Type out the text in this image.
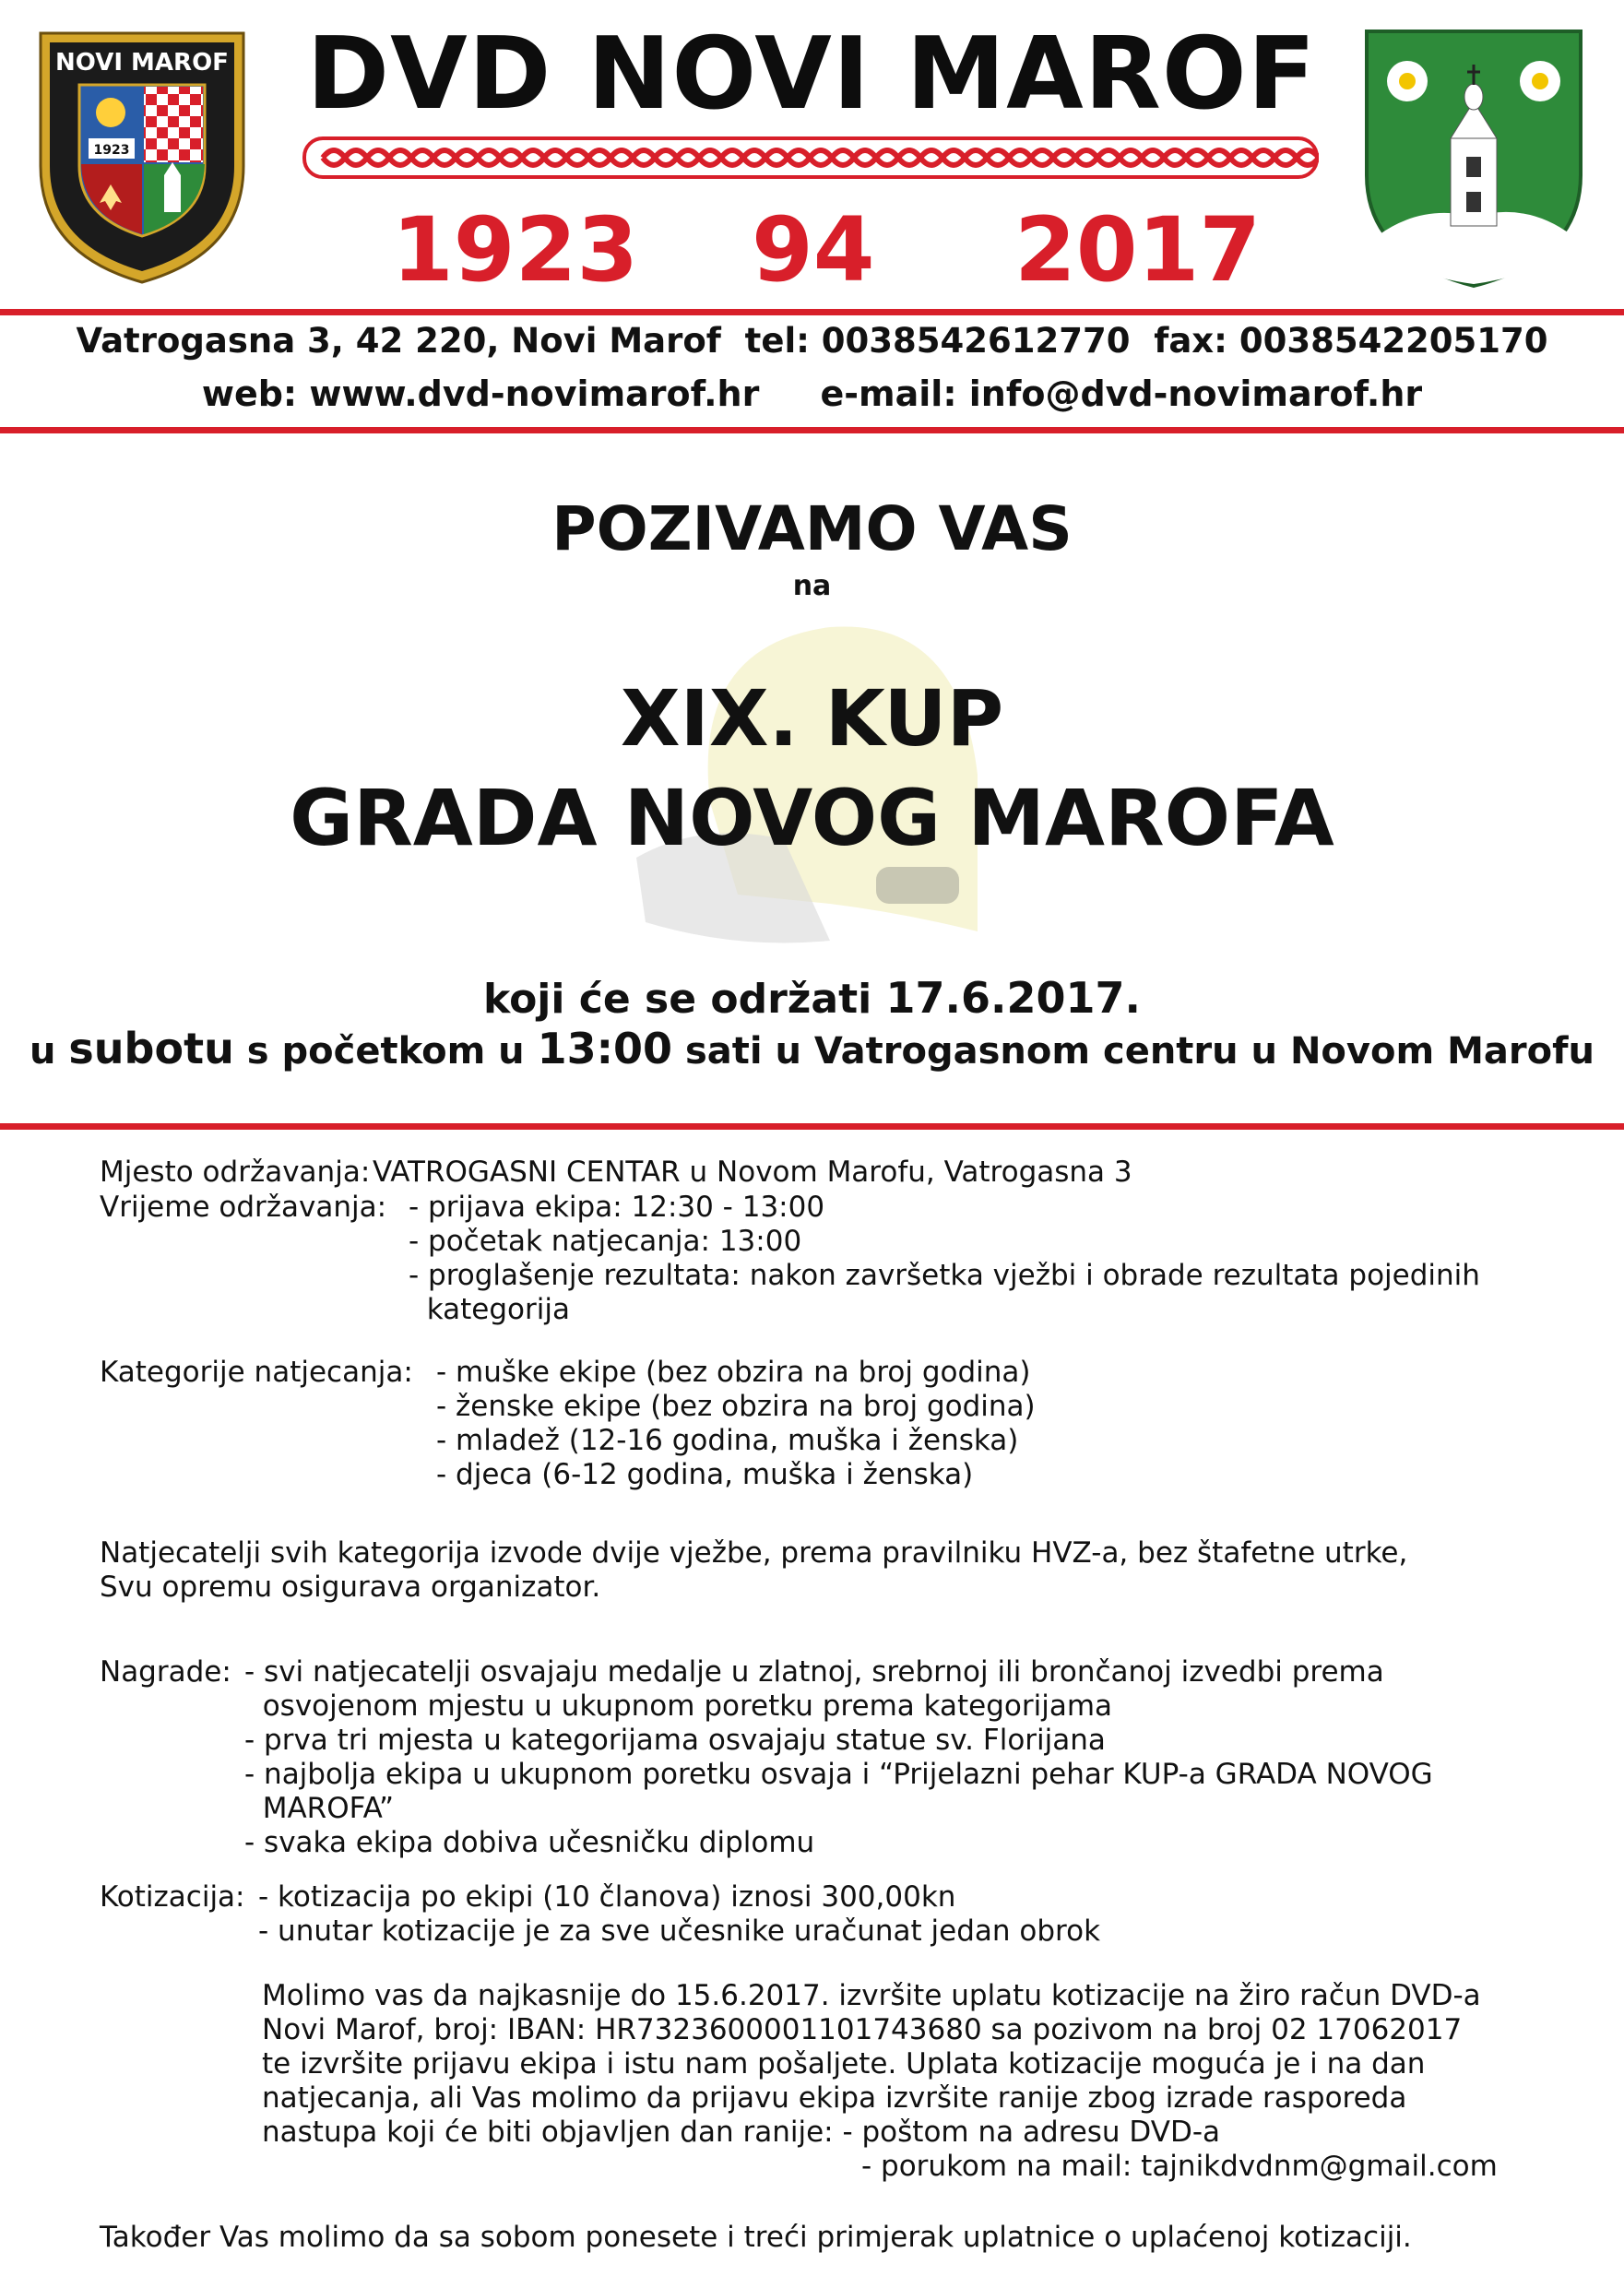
1923
NOVI MAROF DVD NOVI MAROF
1923 94 2017
Vatrogasna 3, 42 220, Novi Marof  tel: 0038542612770  fax: 0038542205170
web: www.dvd-novimarof.hr     e-mail: info@dvd-novimarof.hr
POZIVAMO VAS
na
XIX. KUP
GRADA NOVOG MAROFA
koji će se održati 17.6.2017.
u subotu s početkom u 13:00 sati u Vatrogasnom centru u Novom Marofu
Mjesto održavanja: VATROGASNI CENTAR u Novom Marofu, Vatrogasna 3
Vrijeme održavanja: - prijava ekipa: 12:30 - 13:00
- početak natjecanja: 13:00
- proglašenje rezultata: nakon završetka vježbi i obrade rezultata pojedinih
kategorija
Kategorije natjecanja: - muške ekipe (bez obzira na broj godina)
- ženske ekipe (bez obzira na broj godina)
- mladež (12-16 godina, muška i ženska)
- djeca (6-12 godina, muška i ženska)
Natjecatelji svih kategorija izvode dvije vježbe, prema pravilniku HVZ-a, bez štafetne utrke,
Svu opremu osigurava organizator.
Nagrade: - svi natjecatelji osvajaju medalje u zlatnoj, srebrnoj ili brončanoj izvedbi prema
osvojenom mjestu u ukupnom poretku prema kategorijama
- prva tri mjesta u kategorijama osvajaju statue sv. Florijana
- najbolja ekipa u ukupnom poretku osvaja i “Prijelazni pehar KUP-a GRADA NOVOG
MAROFA”
- svaka ekipa dobiva učesničku diplomu
Kotizacija: - kotizacija po ekipi (10 članova) iznosi 300,00kn
- unutar kotizacije je za sve učesnike uračunat jedan obrok
Molimo vas da najkasnije do 15.6.2017. izvršite uplatu kotizacije na žiro račun DVD-a
Novi Marof, broj: IBAN: HR7323600001101743680 sa pozivom na broj 02 17062017
te izvršite prijavu ekipa i istu nam pošaljete. Uplata kotizacije moguća je i na dan
natjecanja, ali Vas molimo da prijavu ekipa izvršite ranije zbog izrade rasporeda
nastupa koji će biti objavljen dan ranije: - poštom na adresu DVD-a
- porukom na mail: tajnikdvdnm@gmail.com
Također Vas molimo da sa sobom ponesete i treći primjerak uplatnice o uplaćenoj kotizaciji.
